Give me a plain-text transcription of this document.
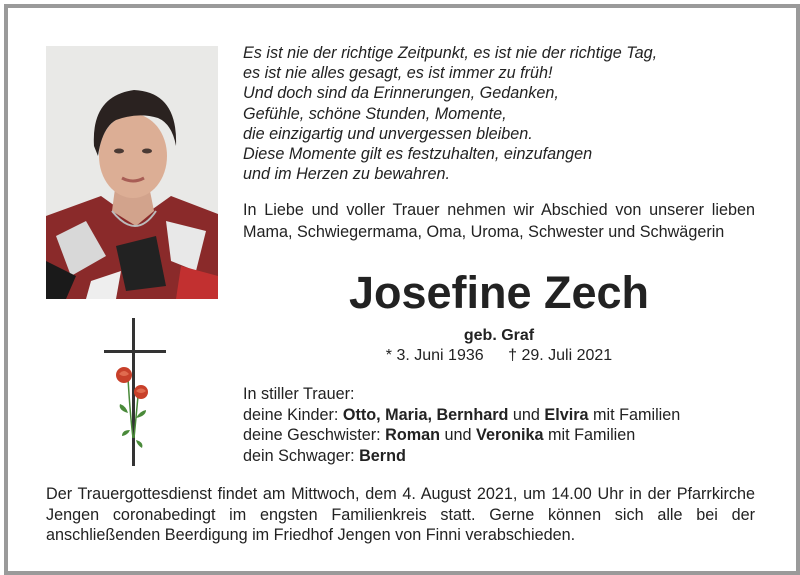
Es ist nie der richtige Zeitpunkt, es ist nie der richtige Tag,
es ist nie alles gesagt, es ist immer zu früh!
Und doch sind da Erinnerungen, Gedanken,
Gefühle, schöne Stunden, Momente,
die einzigartig und unvergessen bleiben.
Diese Momente gilt es festzuhalten, einzufangen
und im Herzen zu bewahren.
In Liebe und voller Trauer nehmen wir Abschied von unserer lieben Mama, Schwiegermama, Oma, Uroma, Schwester und Schwägerin
Josefine Zech
geb. Graf
* 3. Juni 1936 † 29. Juli 2021
In stiller Trauer:
deine Kinder: Otto, Maria, Bernhard und Elvira mit Familien
deine Geschwister: Roman und Veronika mit Familien
dein Schwager: Bernd
Der Trauergottesdienst findet am Mittwoch, dem 4. August 2021, um 14.00 Uhr in der Pfarrkirche Jengen coronabedingt im engsten Familienkreis statt. Gerne können sich alle bei der anschließenden Beerdigung im Friedhof Jengen von Finni verabschieden.
